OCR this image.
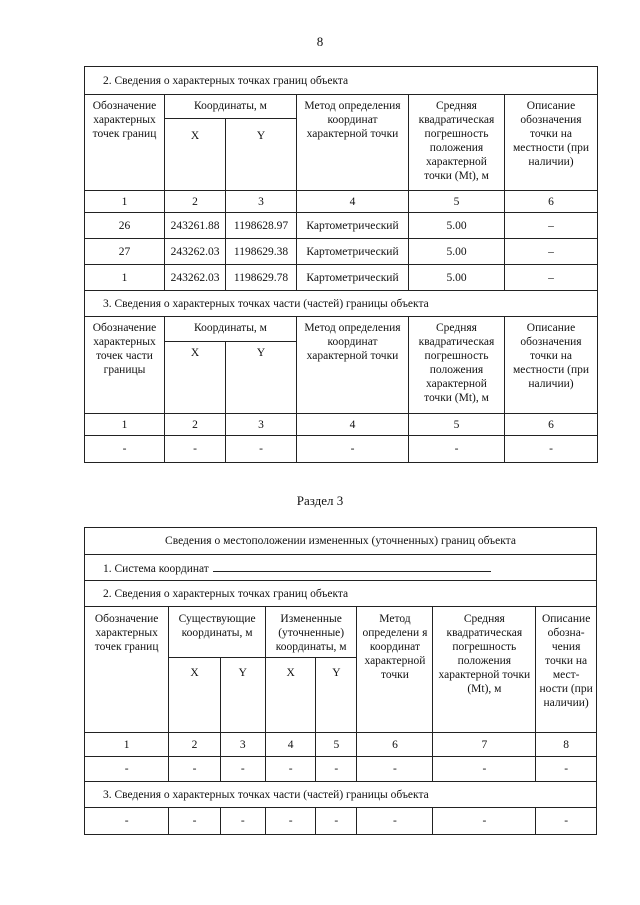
8
2. Сведения о характерных точках границ объекта					
Обозначение характерных точек границ	Координаты, м		Метод определения координат характерной точки	Средняя квадратическая погрешность положения характерной точки (Mt), м	Описание обозначения точки на местности (при наличии)
	X	Y			
1	2	3	4	5	6
26	243261.88	1198628.97	Картометрический	5.00	–
27	243262.03	1198629.38	Картометрический	5.00	–
1	243262.03	1198629.78	Картометрический	5.00	–
3. Сведения о характерных точках части (частей) границы объекта					
Обозначение характерных точек части границы	Координаты, м		Метод определения координат характерной точки	Средняя квадратическая погрешность положения характерной точки (Mt), м	Описание обозначения точки на местности (при наличии)
	X	Y			
1	2	3	4	5	6
-	-	-	-	-	-
Раздел 3
Сведения о местоположении измененных (уточненных) границ объекта							
1. Система координат							
2. Сведения о характерных точках границ объекта							
Обозначение характерных точек границ	Существующие координаты, м		Измененные (уточненные) координаты, м		Метод определени я координат характерной точки	Средняя квадратическая погрешность положения характерной точки (Mt), м	Описание обозна- чения точки на мест- ности (при наличии)
	X	Y	X	Y			
1	2	3	4	5	6	7	8
-	-	-	-	-	-	-	-
3. Сведения о характерных точках части (частей) границы объекта							
-	-	-	-	-	-	-	-
